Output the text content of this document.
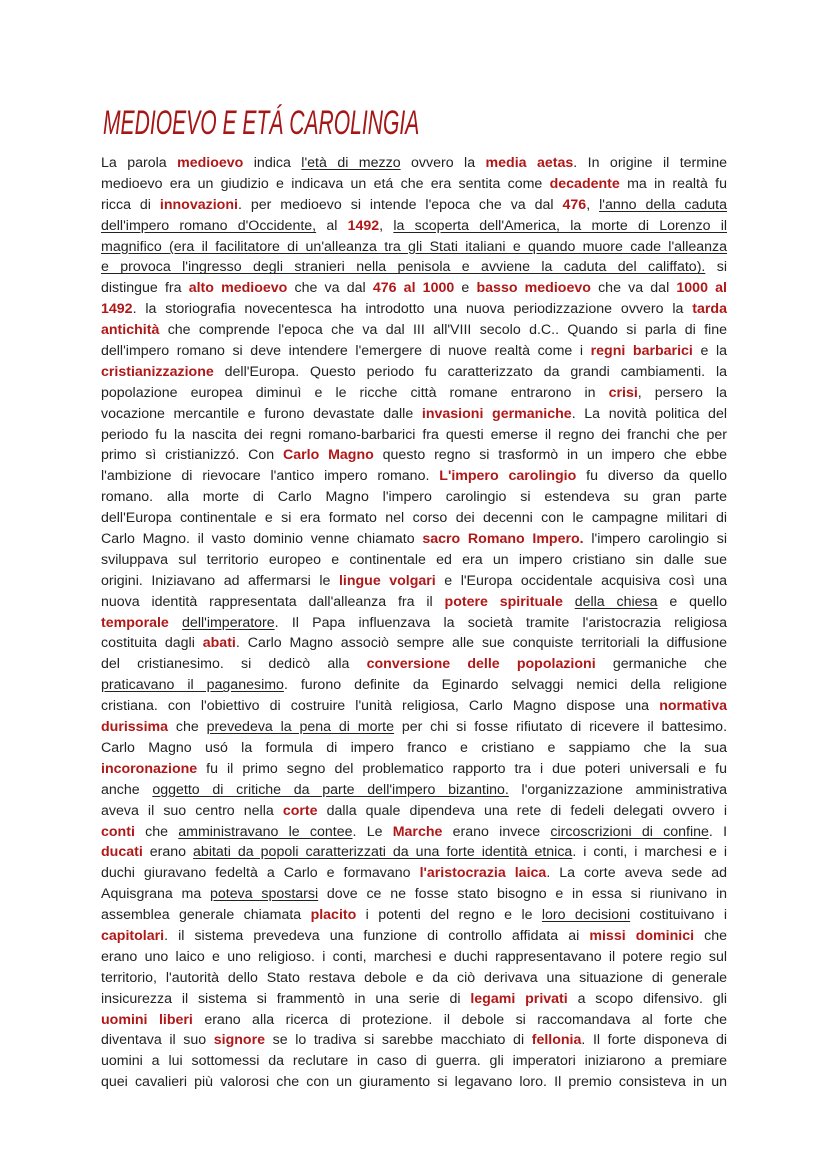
MEDIOEVO E ETÁ CAROLINGIA
La parola medioevo indica l'età di mezzo ovvero la media aetas. In origine il termine
medioevo era un giudizio e indicava un etá che era sentita come decadente ma in realtà fu
ricca di innovazioni. per medioevo si intende l'epoca che va dal 476, l'anno della caduta
dell'impero romano d'Occidente, al 1492, la scoperta dell'America, la morte di Lorenzo il
magnifico (era il facilitatore di un'alleanza tra gli Stati italiani e quando muore cade l'alleanza
e provoca l'ingresso degli stranieri nella penisola e avviene la caduta del califfato). si
distingue fra alto medioevo che va dal 476 al 1000 e basso medioevo che va dal 1000 al
1492. la storiografia novecentesca ha introdotto una nuova periodizzazione ovvero la tarda
antichità che comprende l'epoca che va dal III all'VIII secolo d.C.. Quando si parla di fine
dell'impero romano si deve intendere l'emergere di nuove realtà come i regni barbarici e la
cristianizzazione dell'Europa. Questo periodo fu caratterizzato da grandi cambiamenti. la
popolazione europea diminuì e le ricche città romane entrarono in crisi, persero la
vocazione mercantile e furono devastate dalle invasioni germaniche. La novità politica del
periodo fu la nascita dei regni romano-barbarici fra questi emerse il regno dei franchi che per
primo sì cristianizzó. Con Carlo Magno questo regno si trasformò in un impero che ebbe
l'ambizione di rievocare l'antico impero romano. L'impero carolingio fu diverso da quello
romano. alla morte di Carlo Magno l'impero carolingio si estendeva su gran parte
dell'Europa continentale e si era formato nel corso dei decenni con le campagne militari di
Carlo Magno. il vasto dominio venne chiamato sacro Romano Impero. l'impero carolingio si
sviluppava sul territorio europeo e continentale ed era un impero cristiano sin dalle sue
origini. Iniziavano ad affermarsi le lingue volgari e l'Europa occidentale acquisiva così una
nuova identità rappresentata dall'alleanza fra il potere spirituale della chiesa e quello
temporale dell'imperatore. Il Papa influenzava la società tramite l'aristocrazia religiosa
costituita dagli abati. Carlo Magno associò sempre alle sue conquiste territoriali la diffusione
del cristianesimo. si dedicò alla conversione delle popolazioni germaniche che
praticavano il paganesimo. furono definite da Eginardo selvaggi nemici della religione
cristiana. con l'obiettivo di costruire l'unità religiosa, Carlo Magno dispose una normativa
durissima che prevedeva la pena di morte per chi si fosse rifiutato di ricevere il battesimo.
Carlo Magno usó la formula di impero franco e cristiano e sappiamo che la sua
incoronazione fu il primo segno del problematico rapporto tra i due poteri universali e fu
anche oggetto di critiche da parte dell'impero bizantino. l'organizzazione amministrativa
aveva il suo centro nella corte dalla quale dipendeva una rete di fedeli delegati ovvero i
conti che amministravano le contee. Le Marche erano invece circoscrizioni di confine. I
ducati erano abitati da popoli caratterizzati da una forte identità etnica. i conti, i marchesi e i
duchi giuravano fedeltà a Carlo e formavano l'aristocrazia laica. La corte aveva sede ad
Aquisgrana ma poteva spostarsi dove ce ne fosse stato bisogno e in essa si riunivano in
assemblea generale chiamata placito i potenti del regno e le loro decisioni costituivano i
capitolari. il sistema prevedeva una funzione di controllo affidata ai missi dominici che
erano uno laico e uno religioso. i conti, marchesi e duchi rappresentavano il potere regio sul
territorio, l'autorità dello Stato restava debole e da ciò derivava una situazione di generale
insicurezza il sistema si frammentò in una serie di legami privati a scopo difensivo. gli
uomini liberi erano alla ricerca di protezione. il debole si raccomandava al forte che
diventava il suo signore se lo tradiva si sarebbe macchiato di fellonia. Il forte disponeva di
uomini a lui sottomessi da reclutare in caso di guerra. gli imperatori iniziarono a premiare
quei cavalieri più valorosi che con un giuramento si legavano loro. Il premio consisteva in un
